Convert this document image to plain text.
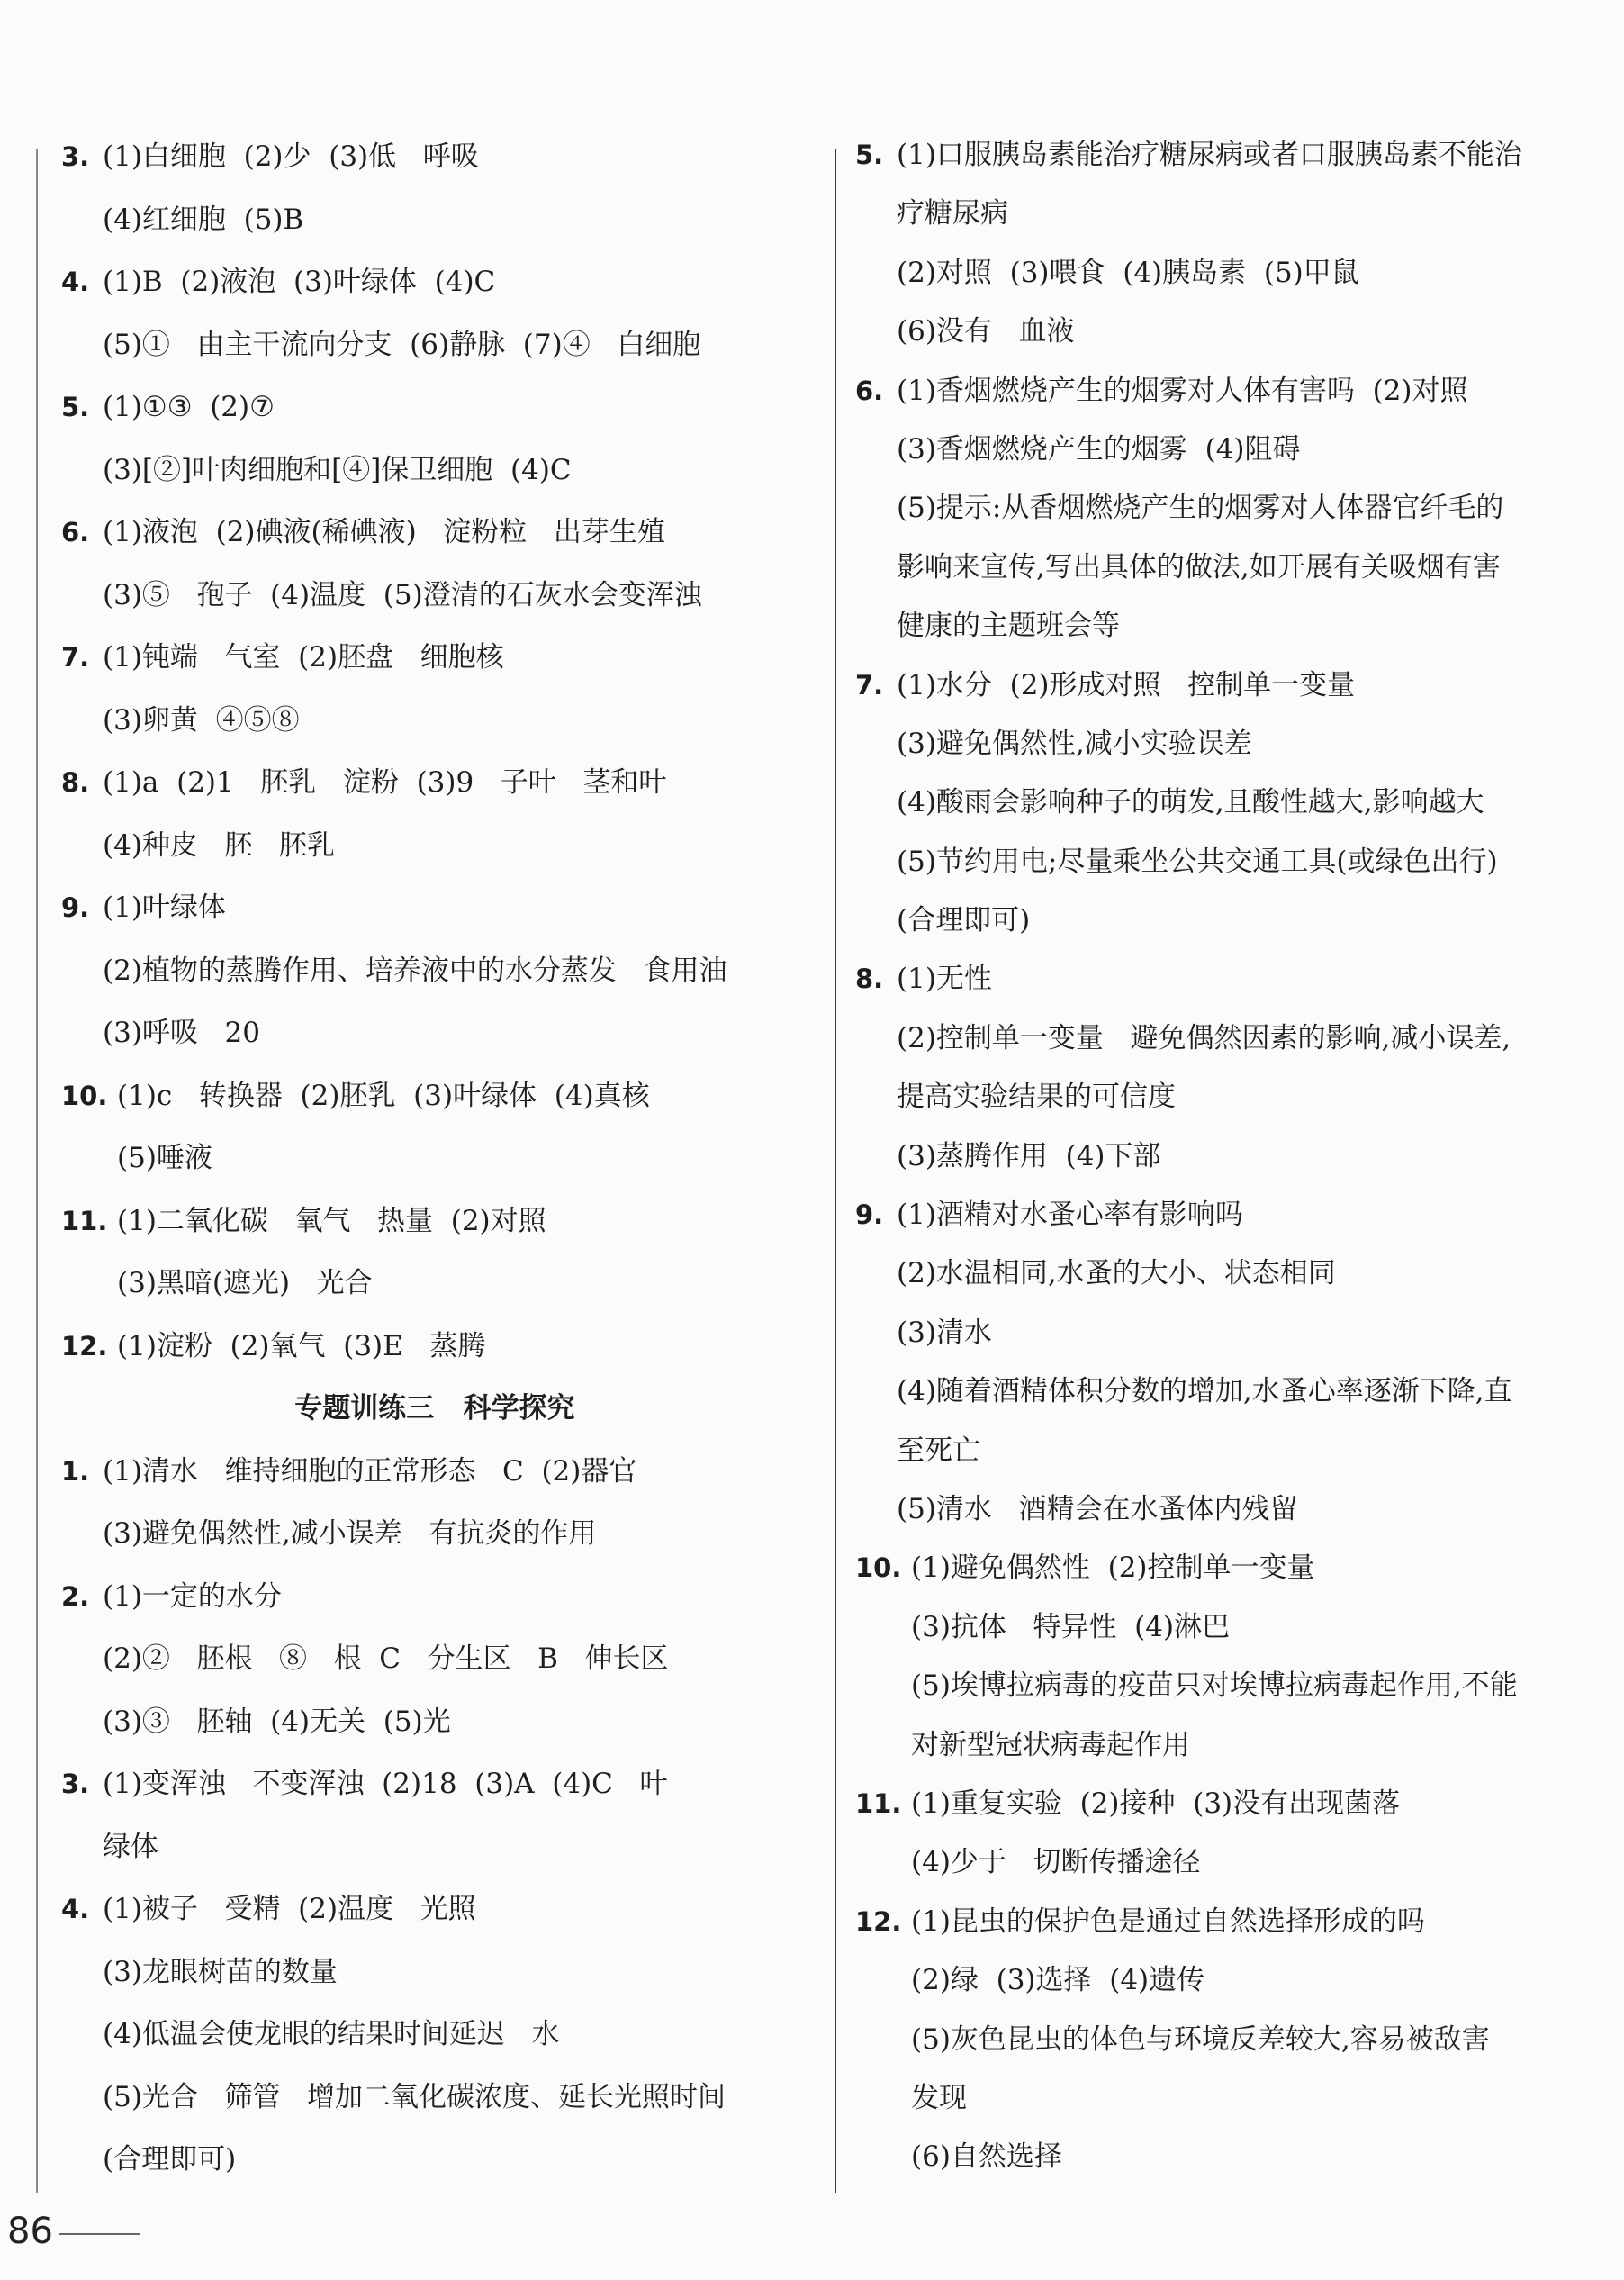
3. (1)白细胞  (2)少  (3)低   呼吸
(4)红细胞  (5)B
4. (1)B  (2)液泡  (3)叶绿体  (4)C
(5)①   由主干流向分支  (6)静脉  (7)④   白细胞
5. (1)①③  (2)⑦
(3)[②]叶肉细胞和[④]保卫细胞  (4)C
6. (1)液泡  (2)碘液(稀碘液)   淀粉粒   出芽生殖
(3)⑤   孢子  (4)温度  (5)澄清的石灰水会变浑浊
7. (1)钝端   气室  (2)胚盘   细胞核
(3)卵黄  ④⑤⑧
8. (1)a  (2)1   胚乳   淀粉  (3)9   子叶   茎和叶
(4)种皮   胚   胚乳
9. (1)叶绿体
(2)植物的蒸腾作用、培养液中的水分蒸发   食用油
(3)呼吸   20
10. (1)c   转换器  (2)胚乳  (3)叶绿体  (4)真核
(5)唾液
11. (1)二氧化碳   氧气   热量  (2)对照
(3)黑暗(遮光)   光合
12. (1)淀粉  (2)氧气  (3)E   蒸腾
专题训练三   科学探究
1. (1)清水   维持细胞的正常形态   C  (2)器官
(3)避免偶然性,减小误差   有抗炎的作用
2. (1)一定的水分
(2)②   胚根   ⑧   根  C   分生区   B   伸长区
(3)③   胚轴  (4)无关  (5)光
3. (1)变浑浊   不变浑浊  (2)18  (3)A  (4)C   叶
绿体
4. (1)被子   受精  (2)温度   光照
(3)龙眼树苗的数量
(4)低温会使龙眼的结果时间延迟   水
(5)光合   筛管   增加二氧化碳浓度、延长光照时间
(合理即可)
5. (1)口服胰岛素能治疗糖尿病或者口服胰岛素不能治
疗糖尿病
(2)对照  (3)喂食  (4)胰岛素  (5)甲鼠
(6)没有   血液
6. (1)香烟燃烧产生的烟雾对人体有害吗  (2)对照
(3)香烟燃烧产生的烟雾  (4)阻碍
(5)提示:从香烟燃烧产生的烟雾对人体器官纤毛的
影响来宣传,写出具体的做法,如开展有关吸烟有害
健康的主题班会等
7. (1)水分  (2)形成对照   控制单一变量
(3)避免偶然性,减小实验误差
(4)酸雨会影响种子的萌发,且酸性越大,影响越大
(5)节约用电;尽量乘坐公共交通工具(或绿色出行)
(合理即可)
8. (1)无性
(2)控制单一变量   避免偶然因素的影响,减小误差,
提高实验结果的可信度
(3)蒸腾作用  (4)下部
9. (1)酒精对水蚤心率有影响吗
(2)水温相同,水蚤的大小、状态相同
(3)清水
(4)随着酒精体积分数的增加,水蚤心率逐渐下降,直
至死亡
(5)清水   酒精会在水蚤体内残留
10. (1)避免偶然性  (2)控制单一变量
(3)抗体   特异性  (4)淋巴
(5)埃博拉病毒的疫苗只对埃博拉病毒起作用,不能
对新型冠状病毒起作用
11. (1)重复实验  (2)接种  (3)没有出现菌落
(4)少于   切断传播途径
12. (1)昆虫的保护色是通过自然选择形成的吗
(2)绿  (3)选择  (4)遗传
(5)灰色昆虫的体色与环境反差较大,容易被敌害
发现
(6)自然选择
86
